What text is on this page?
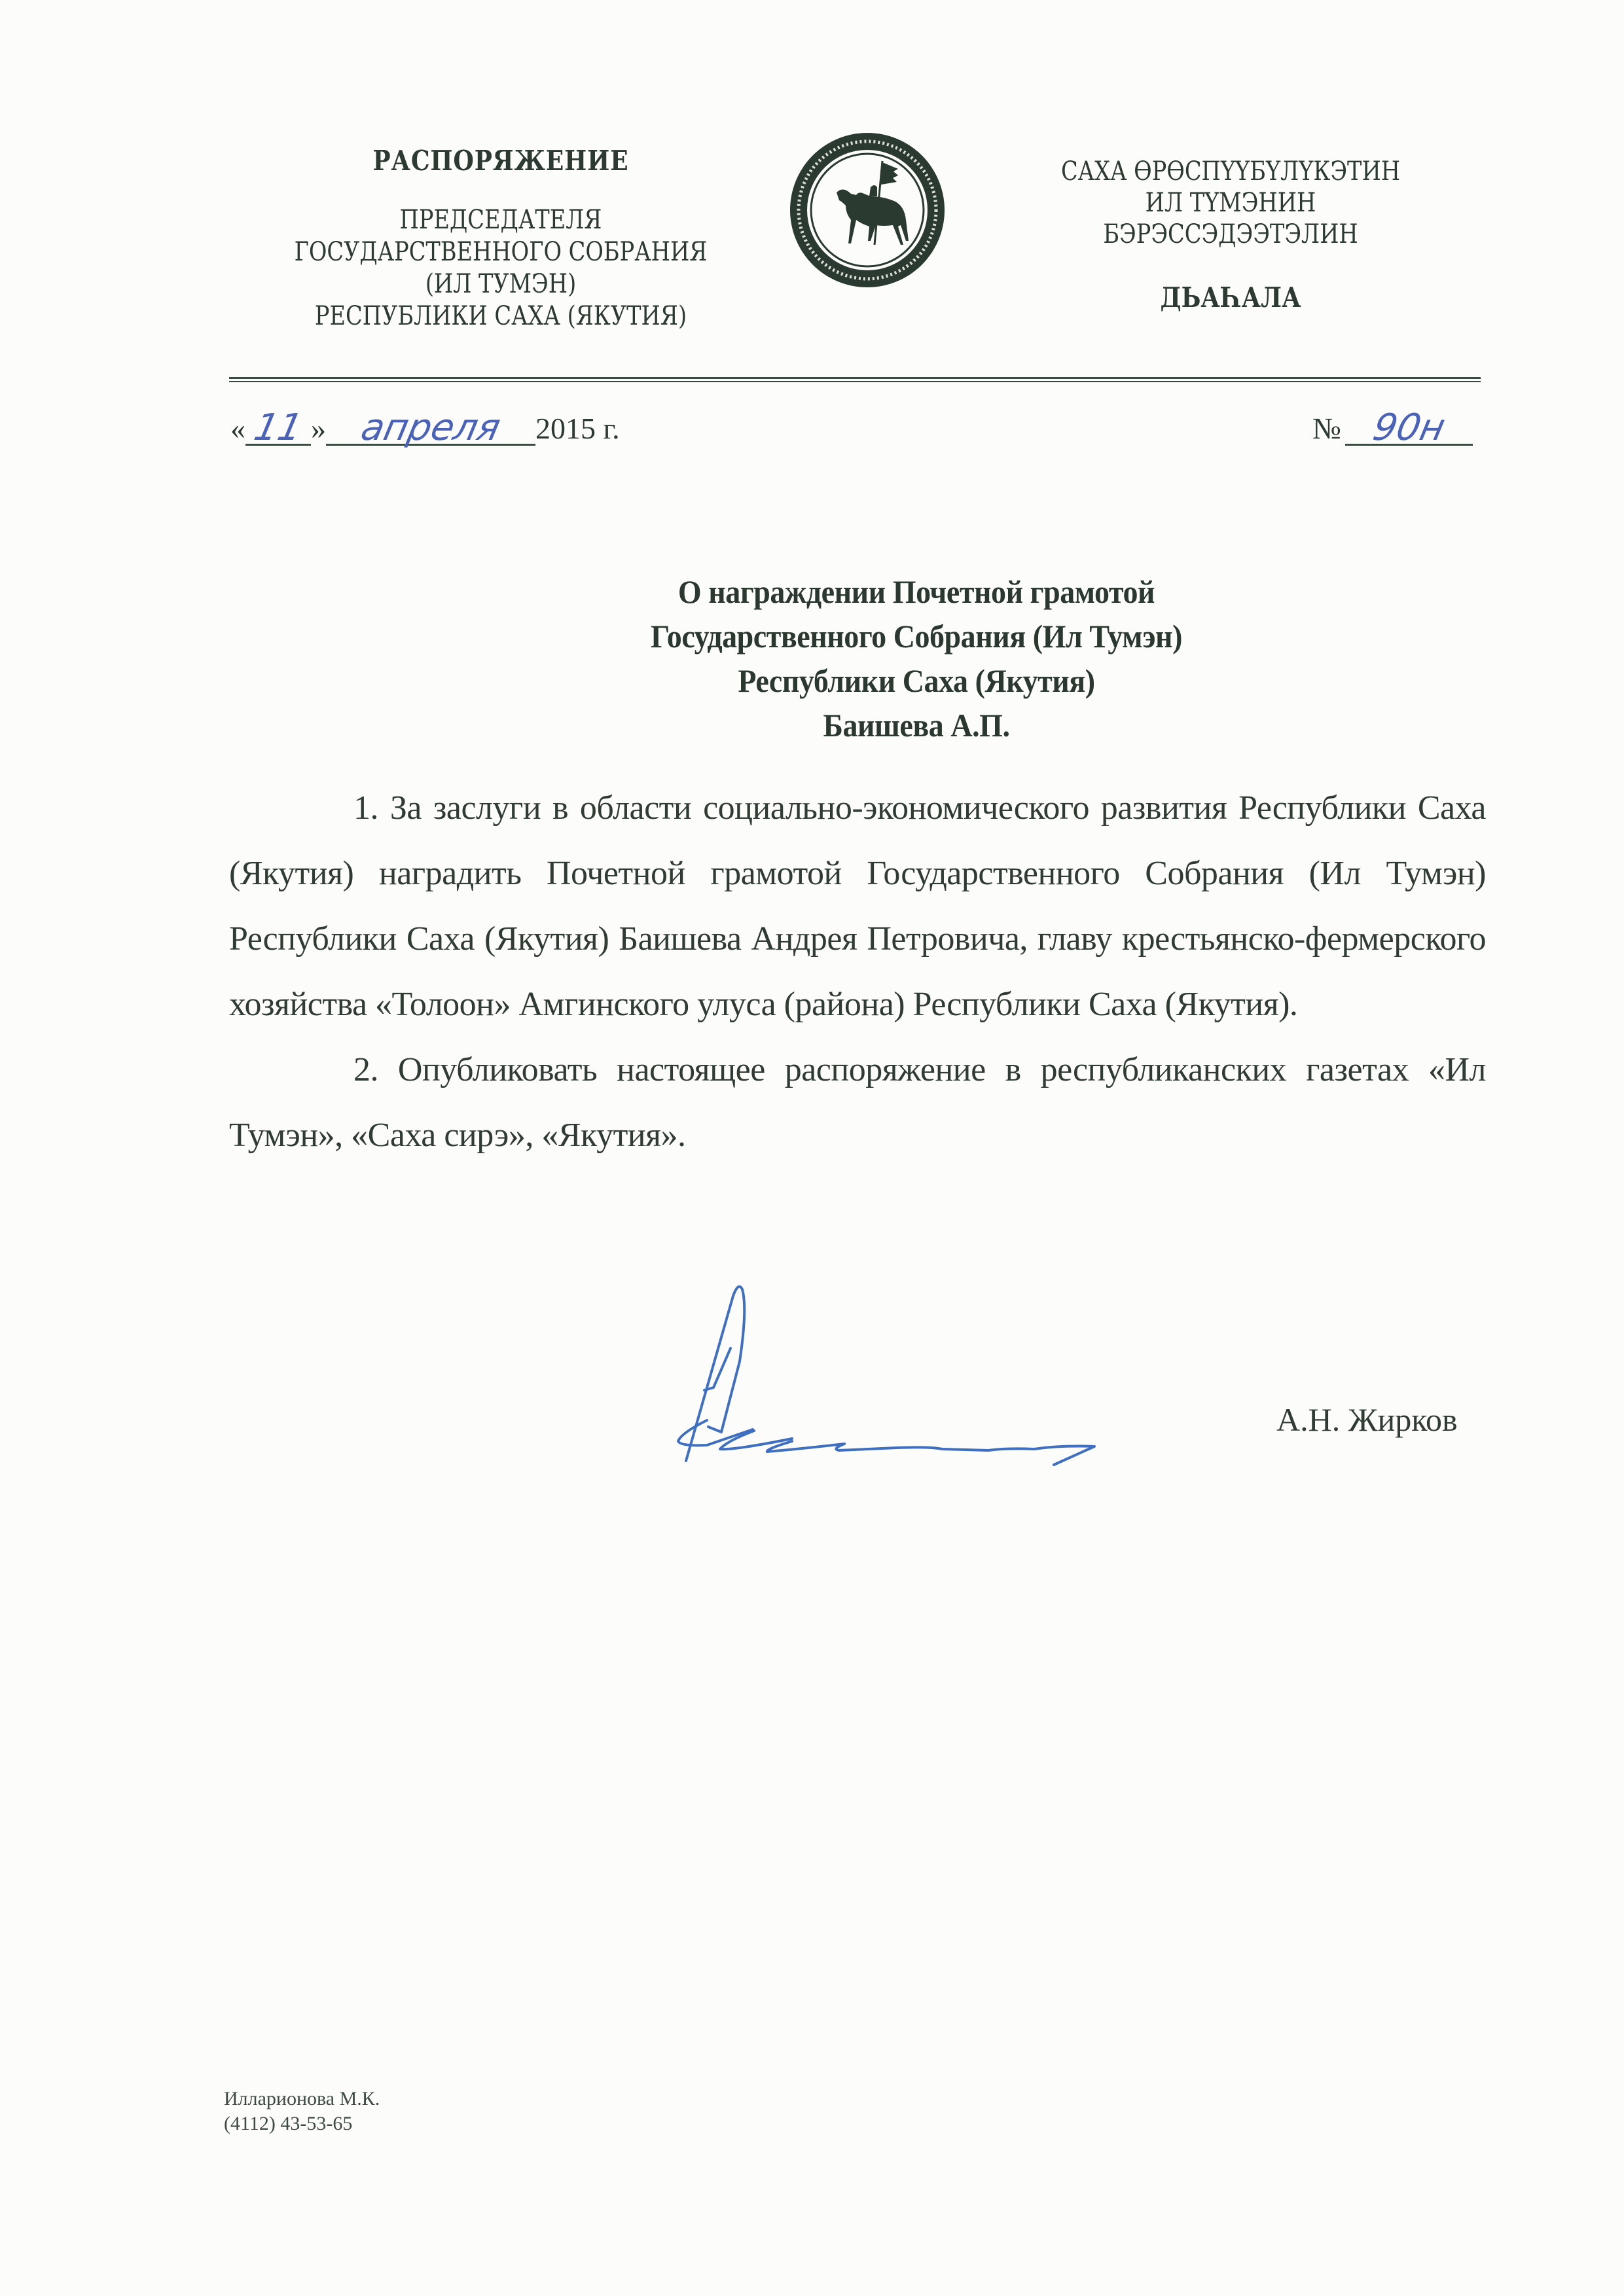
РАСПОРЯЖЕНИЕ
ПРЕДСЕДАТЕЛЯ
ГОСУДАРСТВЕННОГО СОБРАНИЯ
(ИЛ ТУМЭН)
РЕСПУБЛИКИ САХА (ЯКУТИЯ)
САХА ӨРӨСПҮҮБҮЛҮКЭТИН
ИЛ ТҮМЭНИН
БЭРЭССЭДЭЭТЭЛИН
ДЬАҺАЛА
« 11 » апреля	2015 г.	№ 90н
О награждении Почетной грамотой
Государственного Собрания (Ил Тумэн)
Республики Саха (Якутия)
Баишева А.П.

1. За заслуги в области социально-экономического развития Республики Саха (Якутия) наградить Почетной грамотой Государственного Собрания (Ил Тумэн) Республики Саха (Якутия) Баишева Андрея Петровича, главу крестьянско-фермерского хозяйства «Толоон» Амгинского улуса (района) Республики Саха (Якутия).

2. Опубликовать настоящее распоряжение в республиканских газетах «Ил Тумэн», «Саха сирэ», «Якутия».

А.Н. Жирков
Илларионова М.К.
(4112) 43-53-65
